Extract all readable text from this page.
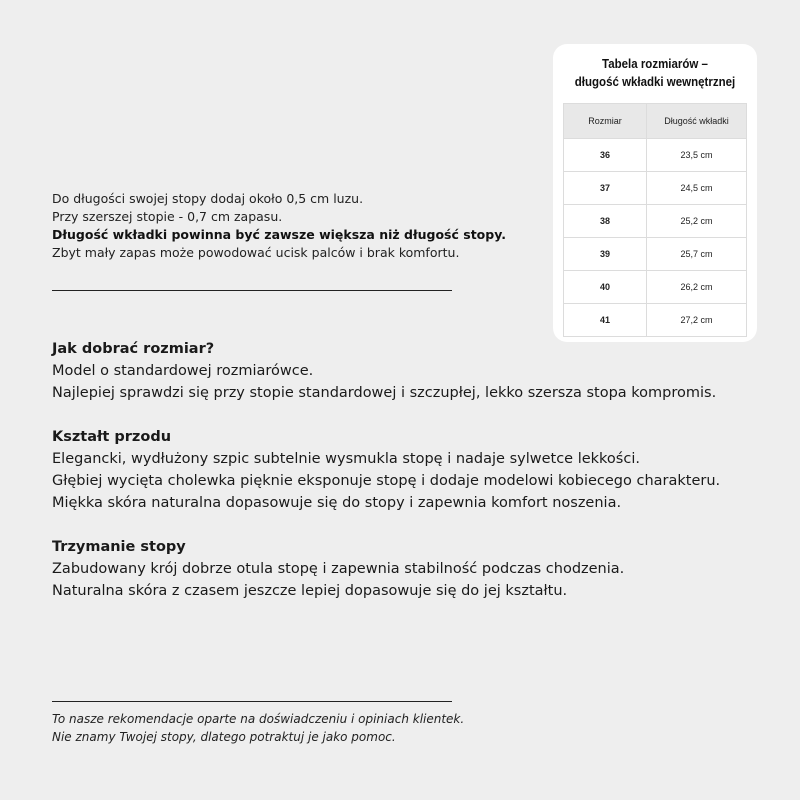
Tabela rozmiarów –
długość wkładki wewnętrznej
Rozmiar	Długość wkładki
36	23,5 cm
37	24,5 cm
38	25,2 cm
39	25,7 cm
40	26,2 cm
41	27,2 cm
Do długości swojej stopy dodaj około 0,5 cm luzu.
Przy szerszej stopie - 0,7 cm zapasu.
Długość wkładki powinna być zawsze większa niż długość stopy.
Zbyt mały zapas może powodować ucisk palców i brak komfortu.
Jak dobrać rozmiar?

Model o standardowej rozmiarówce.

Najlepiej sprawdzi się przy stopie standardowej i szczupłej, lekko szersza stopa kompromis.

Kształt przodu

Elegancki, wydłużony szpic subtelnie wysmukla stopę i nadaje sylwetce lekkości.

Głębiej wycięta cholewka pięknie eksponuje stopę i dodaje modelowi kobiecego charakteru.

Miękka skóra naturalna dopasowuje się do stopy i zapewnia komfort noszenia.

Trzymanie stopy

Zabudowany krój dobrze otula stopę i zapewnia stabilność podczas chodzenia.

Naturalna skóra z czasem jeszcze lepiej dopasowuje się do jej kształtu.

To nasze rekomendacje oparte na doświadczeniu i opiniach klientek.
Nie znamy Twojej stopy, dlatego potraktuj je jako pomoc.
